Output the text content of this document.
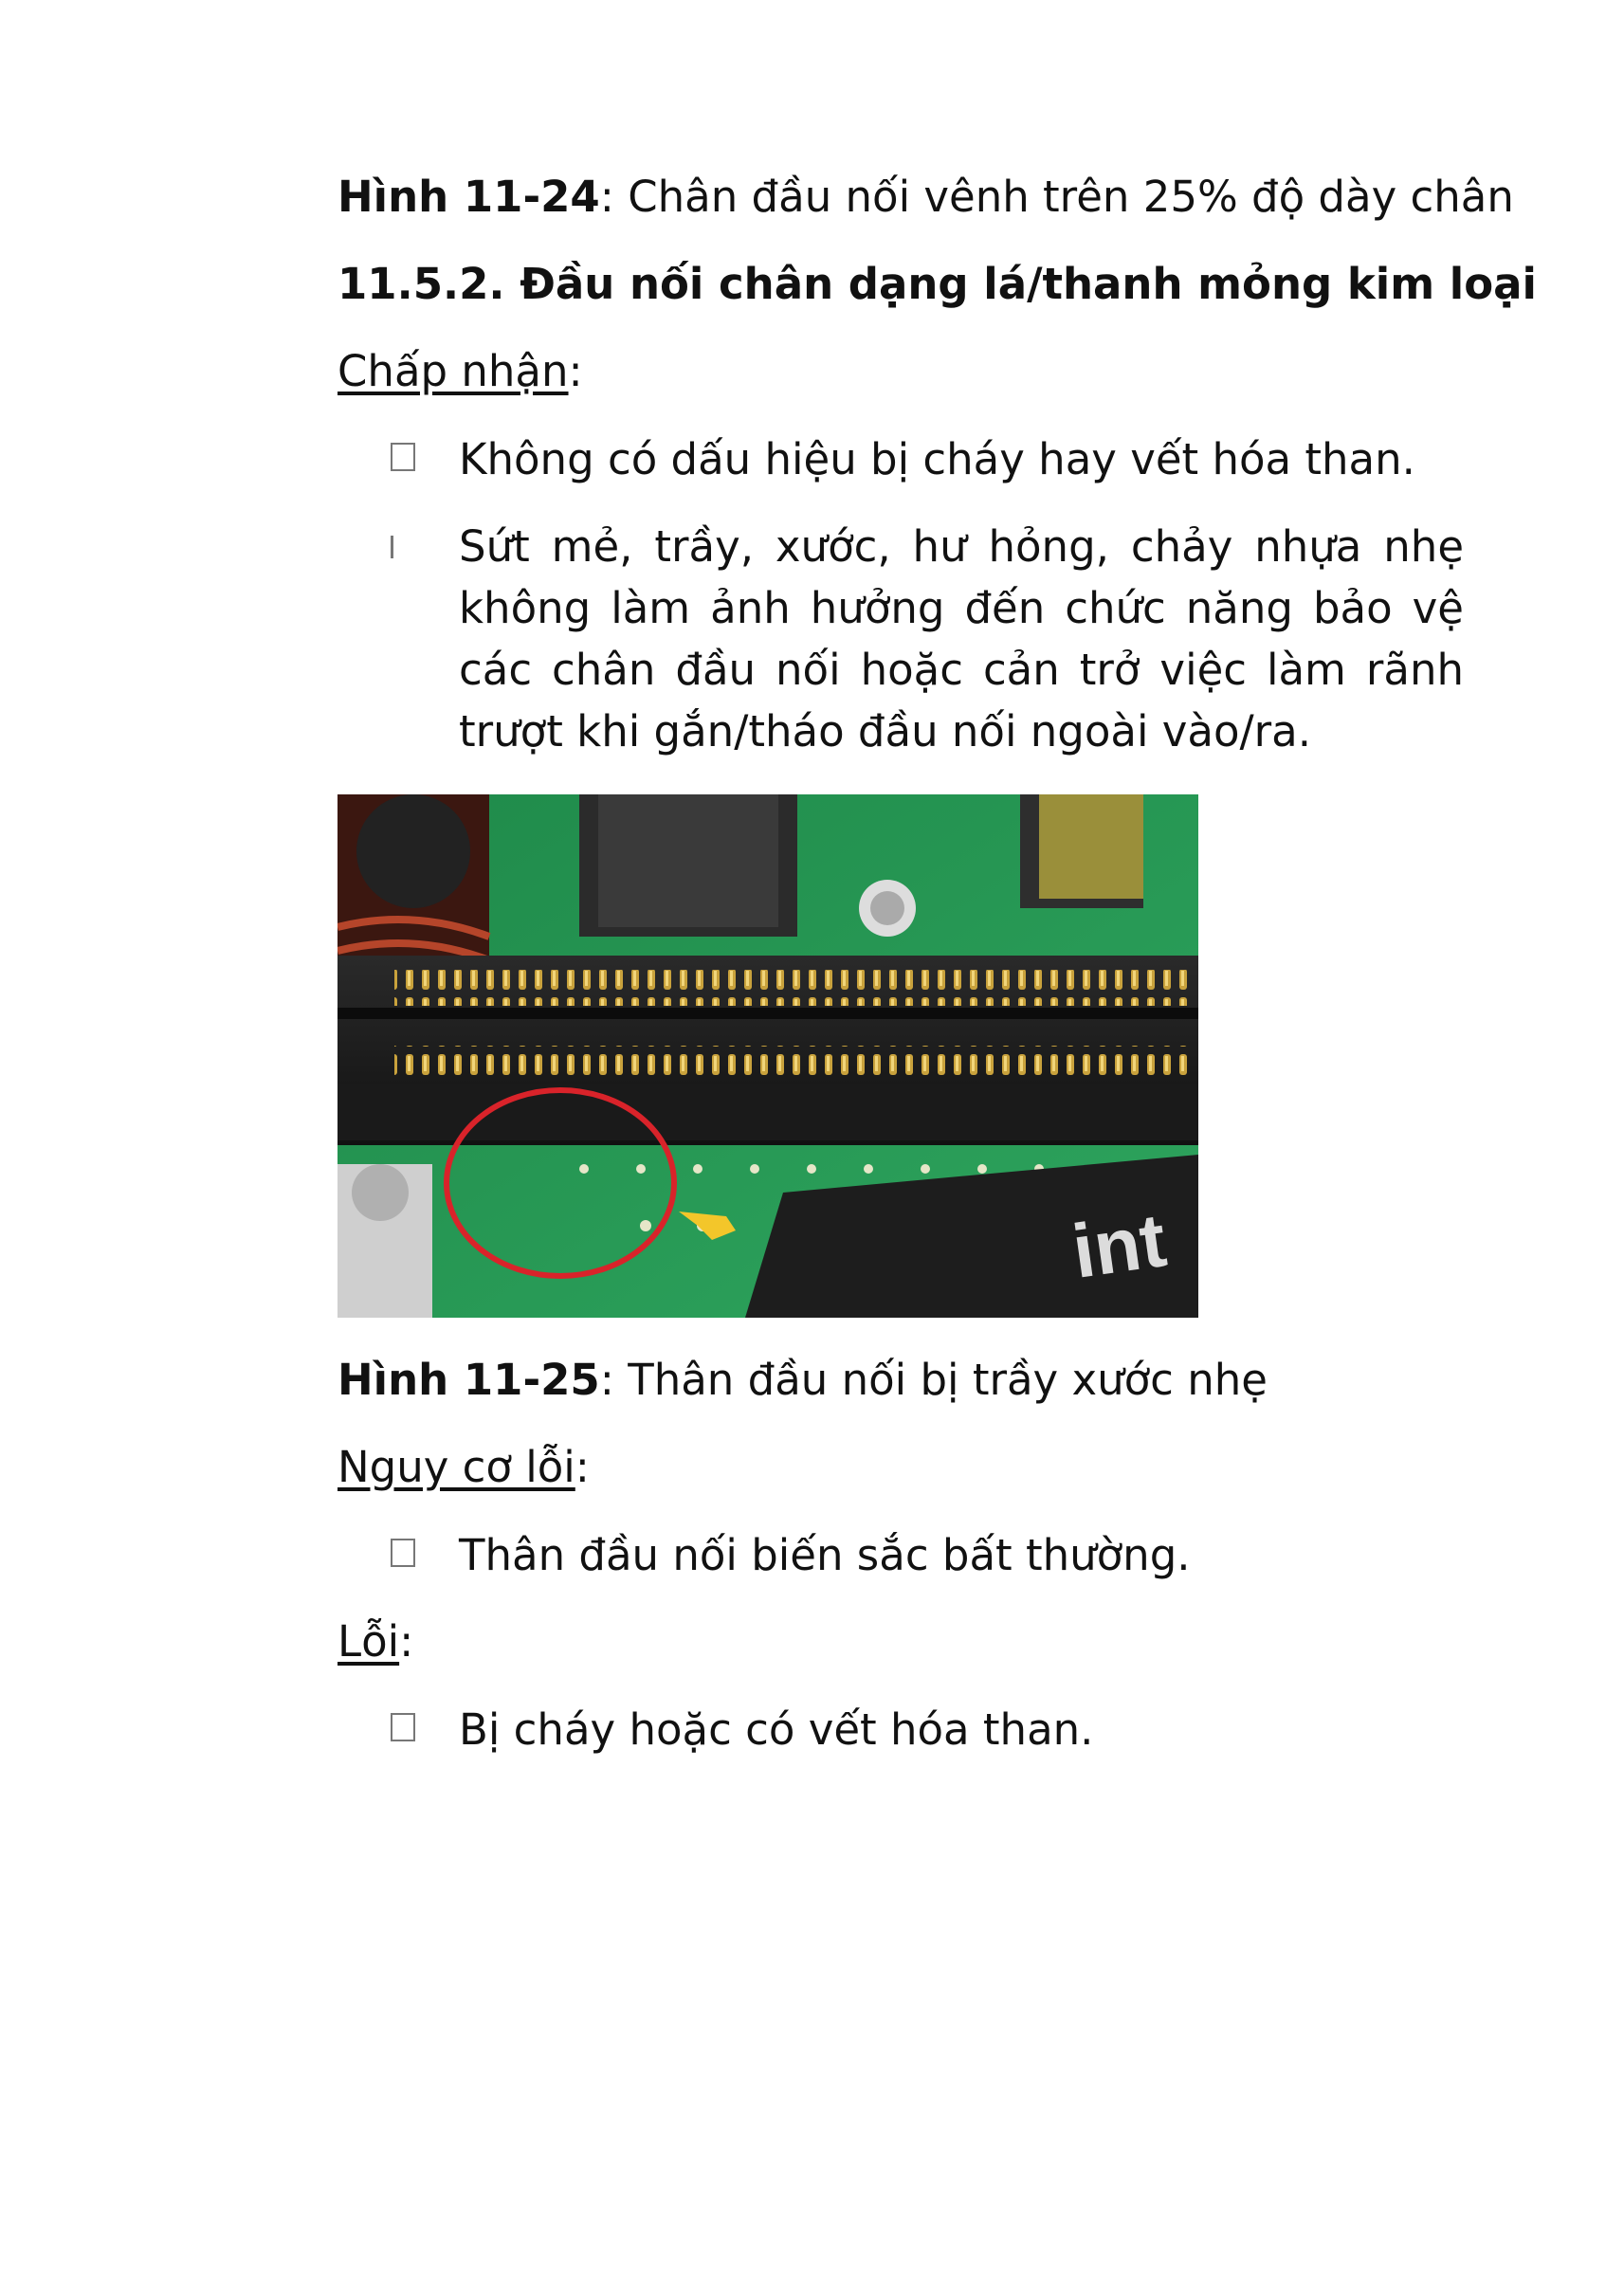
Hình 11-24: Chân đầu nối vênh trên 25% độ dày chân
11.5.2. Đầu nối chân dạng lá/thanh mỏng kim loại
Chấp nhận:
Không có dấu hiệu bị cháy hay vết hóa than.
Sứt mẻ, trầy, xước, hư hỏng, chảy nhựa nhẹ không làm ảnh hưởng đến chức năng bảo vệ các chân đầu nối hoặc cản trở việc làm rãnh trượt khi gắn/tháo đầu nối ngoài vào/ra.
int
Hình 11-25: Thân đầu nối bị trầy xước nhẹ
Nguy cơ lỗi:
Thân đầu nối biến sắc bất thường.
Lỗi:
Bị cháy hoặc có vết hóa than.
